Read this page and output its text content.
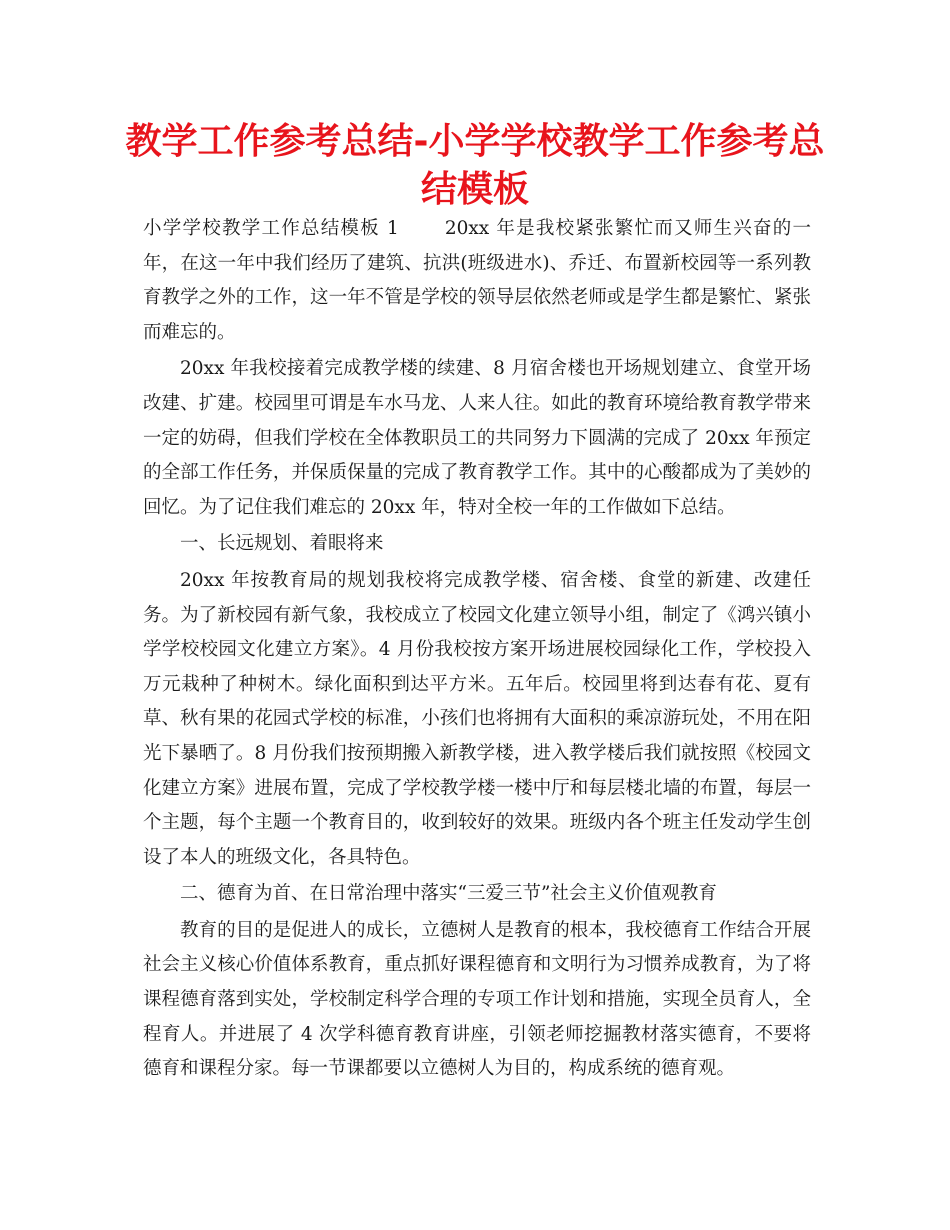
教学工作参考总结-小学学校教学工作参考总结模板

小学学校教学工作总结模板 1 20xx 年是我校紧张繁忙而又师生兴奋的一年，在这一年中我们经历了建筑、抗洪(班级进水)、乔迁、布置新校园等一系列教育教学之外的工作，这一年不管是学校的领导层依然老师或是学生都是繁忙、紧张而难忘的。

20xx 年我校接着完成教学楼的续建、8 月宿舍楼也开场规划建立、食堂开场改建、扩建。校园里可谓是车水马龙、人来人往。如此的教育环境给教育教学带来一定的妨碍，但我们学校在全体教职员工的共同努力下圆满的完成了 20xx 年预定的全部工作任务，并保质保量的完成了教育教学工作。其中的心酸都成为了美妙的回忆。为了记住我们难忘的 20xx 年，特对全校一年的工作做如下总结。

一、长远规划、着眼将来

20xx 年按教育局的规划我校将完成教学楼、宿舍楼、食堂的新建、改建任务。为了新校园有新气象，我校成立了校园文化建立领导小组，制定了《鸿兴镇小学学校校园文化建立方案》。4 月份我校按方案开场进展校园绿化工作，学校投入万元栽种了种树木。绿化面积到达平方米。五年后。校园里将到达春有花、夏有草、秋有果的花园式学校的标准，小孩们也将拥有大面积的乘凉游玩处，不用在阳光下暴晒了。8 月份我们按预期搬入新教学楼，进入教学楼后我们就按照《校园文化建立方案》进展布置，完成了学校教学楼一楼中厅和每层楼北墙的布置，每层一个主题，每个主题一个教育目的，收到较好的效果。班级内各个班主任发动学生创设了本人的班级文化，各具特色。

二、德育为首、在日常治理中落实“三爱三节”社会主义价值观教育

教育的目的是促进人的成长，立德树人是教育的根本，我校德育工作结合开展社会主义核心价值体系教育，重点抓好课程德育和文明行为习惯养成教育，为了将课程德育落到实处，学校制定科学合理的专项工作计划和措施，实现全员育人，全程育人。并进展了 4 次学科德育教育讲座，引领老师挖掘教材落实德育，不要将德育和课程分家。每一节课都要以立德树人为目的，构成系统的德育观。
